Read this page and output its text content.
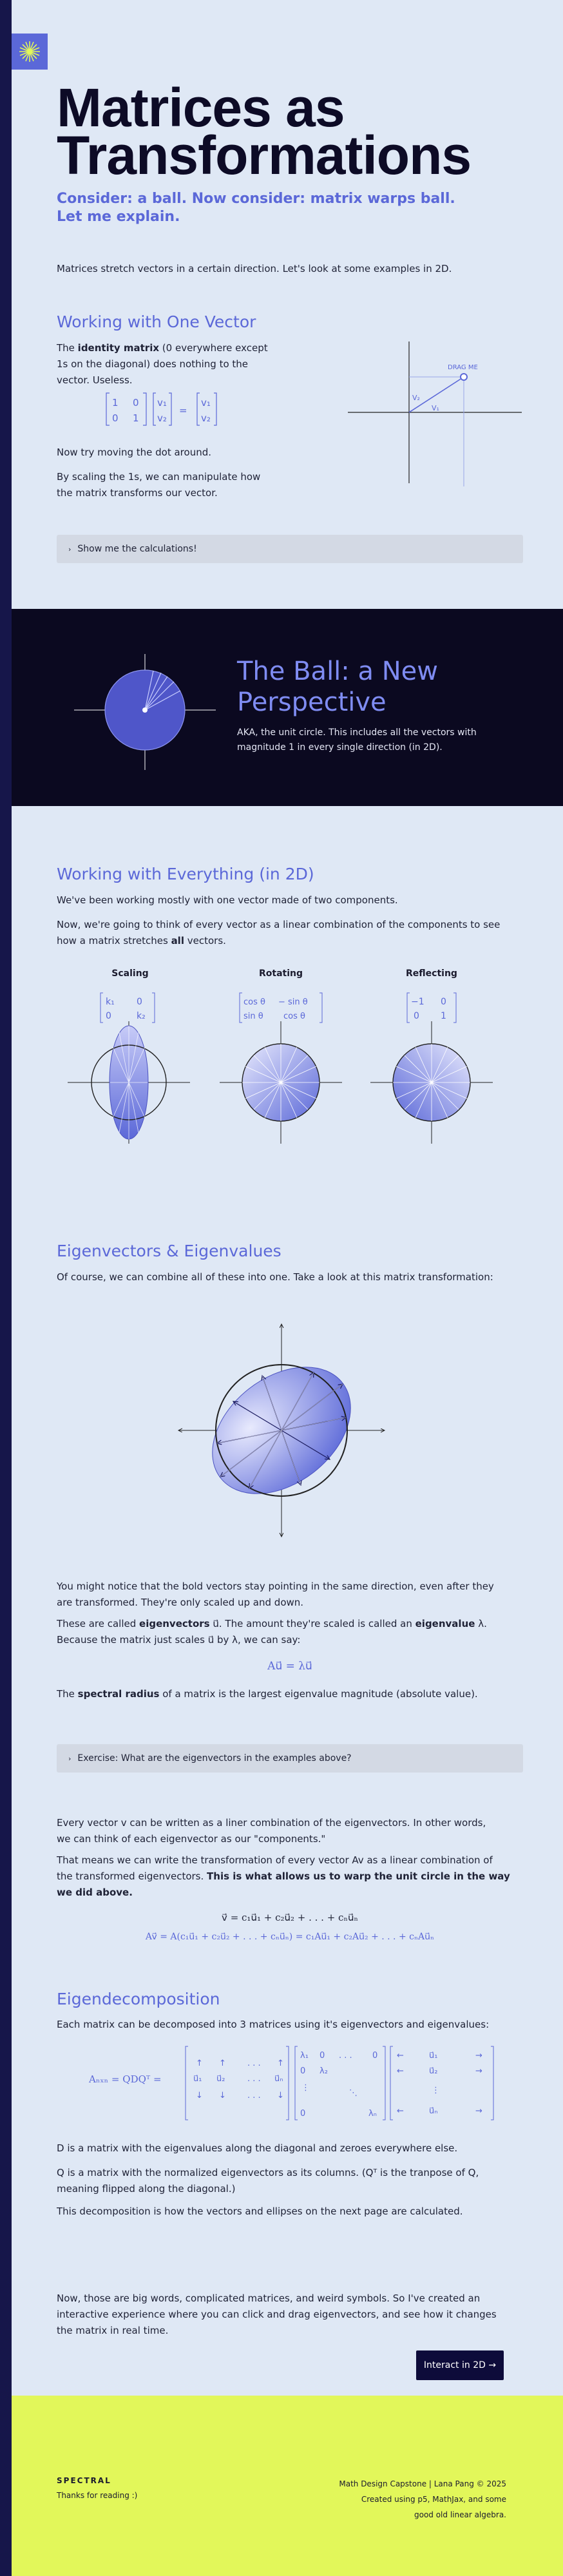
Matrices as
Transformations
Consider: a ball. Now consider: matrix warps ball.
Let me explain.
Matrices stretch vectors in a certain direction. Let's look at some examples in 2D.
Working with One Vector
The identity matrix (0 everywhere except
1s on the diagonal) does nothing to the
vector. Useless.
1 0
0 1
v₁
v₂
=
v₁
v₂
Now try moving the dot around.
By scaling the 1s, we can manipulate how
the matrix transforms our vector.
DRAG ME
V₂
V₁
› Show me the calculations!
The Ball: a New
Perspective
AKA, the unit circle. This includes all the vectors with
magnitude 1 in every single direction (in 2D).
Working with Everything (in 2D)
We've been working mostly with one vector made of two components.
Now, we're going to think of every vector as a linear combination of the components to see
how a matrix stretches all vectors.
Scaling	Rotating	Reflecting
k₁ 0
0	k₂
cos θ − sin θ
sin θ cos θ
−1 0
0 1
Eigenvectors & Eigenvalues
Of course, we can combine all of these into one. Take a look at this matrix transformation:
You might notice that the bold vectors stay pointing in the same direction, even after they
are transformed. They're only scaled up and down.
These are called eigenvectors u⃗. The amount they're scaled is called an eigenvalue λ.
Because the matrix just scales u⃗ by λ, we can say:
Au⃗ = λu⃗
The spectral radius of a matrix is the largest eigenvalue magnitude (absolute value).
› Exercise: What are the eigenvectors in the examples above?
Every vector v can be written as a liner combination of the eigenvectors. In other words,
we can think of each eigenvector as our "components."
That means we can write the transformation of every vector Av as a linear combination of
the transformed eigenvectors. This is what allows us to warp the unit circle in the way
we did above.
v⃗ = c₁u⃗₁ + c₂u⃗₂ + . . . + cₙu⃗ₙ
Av⃗ = A(c₁u⃗₁ + c₂u⃗₂ + . . . + cₙu⃗ₙ) = c₁Au⃗₁ + c₂Au⃗₂ + . . . + cₙAu⃗ₙ
Eigendecomposition
Each matrix can be decomposed into 3 matrices using it's eigenvectors and eigenvalues:
Aₙₓₙ = QDQᵀ =
↑ ↑	. . . ↑
u⃗₁ u⃗₂	. . . u⃗ₙ
↓ ↓	. . . ↓
λ₁ 0 . . . 0
0 λ₂
⋮
⋱
0	λₙ
←	u⃗₁	→
←	u⃗₂	→
⋮
←	u⃗ₙ	→
D is a matrix with the eigenvalues along the diagonal and zeroes everywhere else.
Q is a matrix with the normalized eigenvectors as its columns. (Qᵀ is the tranpose of Q,
meaning flipped along the diagonal.)
This decomposition is how the vectors and ellipses on the next page are calculated.
Now, those are big words, complicated matrices, and weird symbols. So I've created an
interactive experience where you can click and drag eigenvectors, and see how it changes
the matrix in real time.
Interact in 2D →
SPECTRAL
Thanks for reading :)
Math Design Capstone | Lana Pang © 2025
Created using p5, MathJax, and some
good old linear algebra.
